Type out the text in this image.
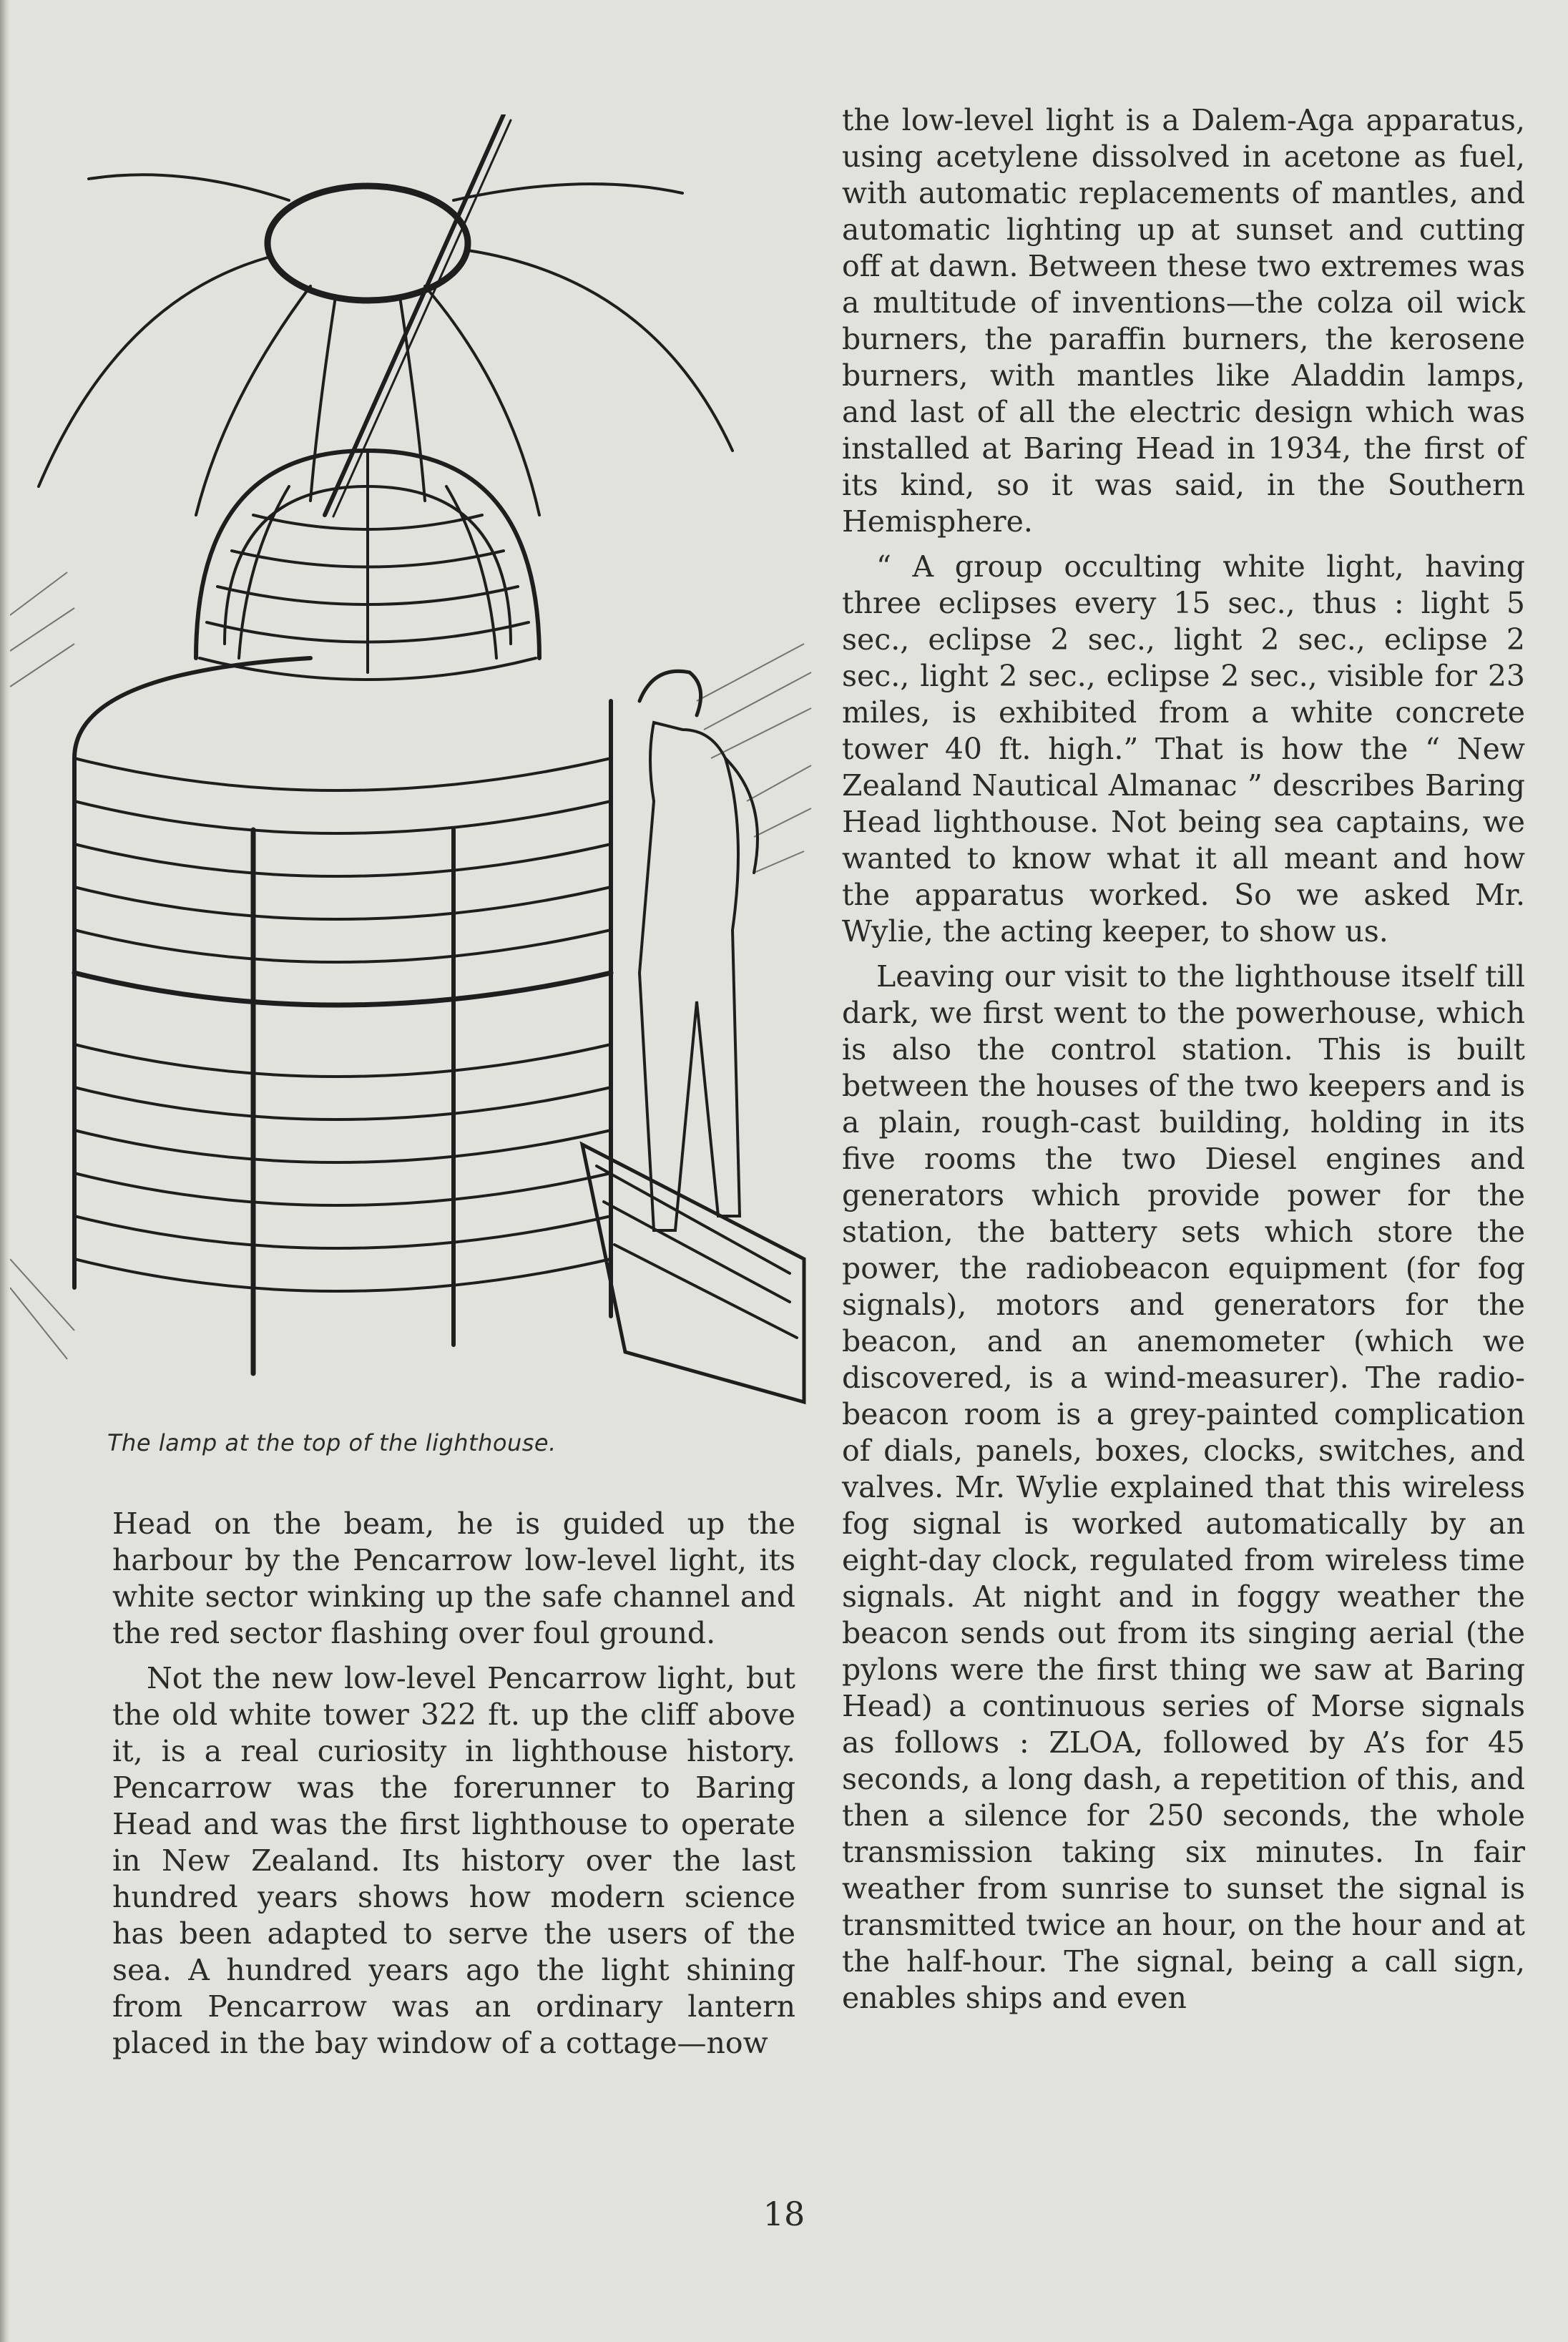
The lamp at the top of the lighthouse.

Head on the beam, he is guided up the harbour by the Pencarrow low-level light, its white sector winking up the safe channel and the red sector flashing over foul ground.

Not the new low-level Pencarrow light, but the old white tower 322 ft. up the cliff above it, is a real curiosity in lighthouse history. Pencarrow was the forerunner to Baring Head and was the first lighthouse to operate in New Zealand. Its history over the last hundred years shows how modern science has been adapted to serve the users of the sea. A hundred years ago the light shining from Pencarrow was an ordinary lantern placed in the bay window of a cottage—now

the low-level light is a Dalem-Aga apparatus, using acetylene dissolved in acetone as fuel, with automatic replacements of mantles, and automatic lighting up at sunset and cutting off at dawn. Between these two extremes was a multitude of inventions—the colza oil wick burners, the paraffin burners, the kerosene burners, with mantles like Aladdin lamps, and last of all the electric design which was installed at Baring Head in 1934, the first of its kind, so it was said, in the Southern Hemisphere.

“ A group occulting white light, having three eclipses every 15 sec., thus : light 5 sec., eclipse 2 sec., light 2 sec., eclipse 2 sec., light 2 sec., eclipse 2 sec., visible for 23 miles, is exhibited from a white concrete tower 40 ft. high.” That is how the “ New Zealand Nautical Almanac ” describes Baring Head lighthouse. Not being sea captains, we wanted to know what it all meant and how the apparatus worked. So we asked Mr. Wylie, the acting keeper, to show us.

Leaving our visit to the lighthouse itself till dark, we first went to the powerhouse, which is also the control station. This is built between the houses of the two keepers and is a plain, rough-cast building, holding in its five rooms the two Diesel engines and generators which provide power for the station, the battery sets which store the power, the radiobeacon equipment (for fog signals), motors and generators for the beacon, and an anemometer (which we discovered, is a wind-measurer). The radio-beacon room is a grey-painted complication of dials, panels, boxes, clocks, switches, and valves. Mr. Wylie explained that this wireless fog signal is worked automatically by an eight-day clock, regulated from wireless time signals. At night and in foggy weather the beacon sends out from its singing aerial (the pylons were the first thing we saw at Baring Head) a continuous series of Morse signals as follows : ZLOA, followed by A’s for 45 seconds, a long dash, a repetition of this, and then a silence for 250 seconds, the whole transmission taking six minutes. In fair weather from sunrise to sunset the signal is transmitted twice an hour, on the hour and at the half-hour. The signal, being a call sign, enables ships and even

18
